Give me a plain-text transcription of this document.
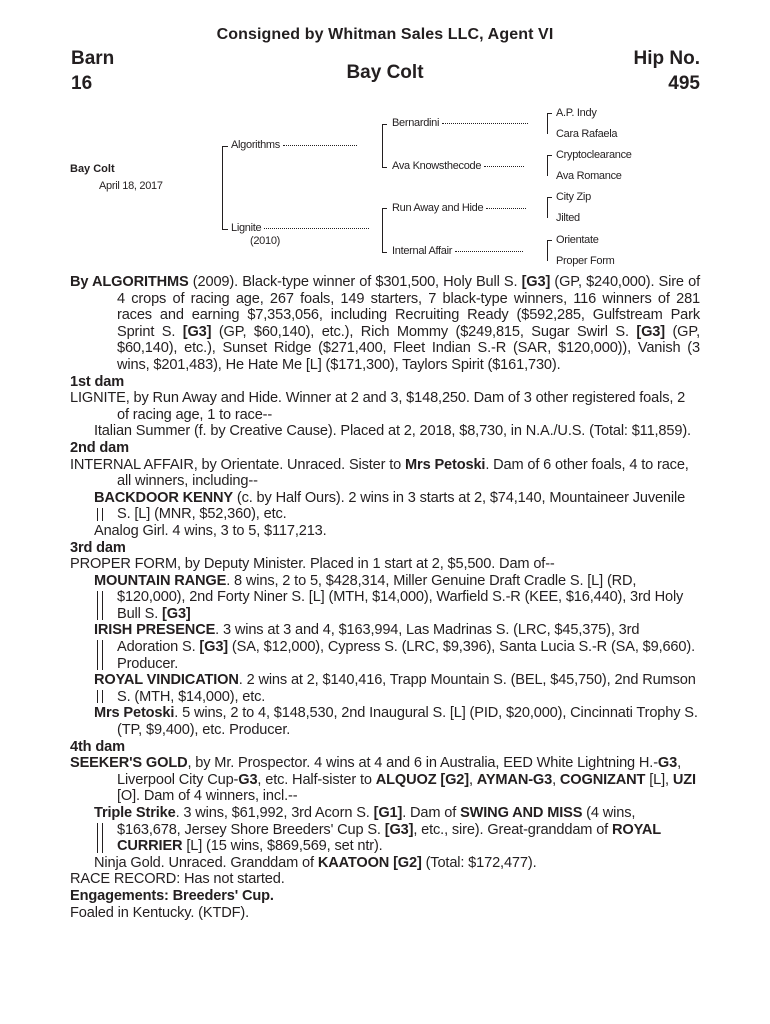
Consigned by Whitman Sales LLC, Agent VI
Barn
16
Bay Colt
Hip No.
495
Bay Colt
April 18, 2017
Algorithms
Lignite
(2010)
Bernardini
Ava Knowsthecode
Run Away and Hide
Internal Affair
A.P. Indy
Cara Rafaela
Cryptoclearance
Ava Romance
City Zip
Jilted
Orientate
Proper Form

By ALGORITHMS (2009). Black-type winner of $301,500, Holy Bull S. [G3] (GP, $240,000). Sire of 4 crops of racing age, 267 foals, 149 starters, 7 black-type winners, 116 winners of 281 races and earning $7,353,056, including Recruiting Ready ($592,285, Gulfstream Park Sprint S. [G3] (GP, $60,140), etc.), Rich Mommy ($249,815, Sugar Swirl S. [G3] (GP, $60,140), etc.), Sunset Ridge ($271,400, Fleet Indian S.-R (SAR, $120,000)), Vanish (3 wins, $201,483), He Hate Me [L] ($171,300), Taylors Spirit ($161,730).

1st dam

LIGNITE, by Run Away and Hide. Winner at 2 and 3, $148,250. Dam of 3 other registered foals, 2 of racing age, 1 to race--

Italian Summer (f. by Creative Cause). Placed at 2, 2018, $8,730, in N.A./U.S. (Total: $11,859).

2nd dam

INTERNAL AFFAIR, by Orientate. Unraced. Sister to Mrs Petoski. Dam of 6 other foals, 4 to race, all winners, including--

BACKDOOR KENNY (c. by Half Ours). 2 wins in 3 starts at 2, $74,140, Mountaineer Juvenile S. [L] (MNR, $52,360), etc.

Analog Girl. 4 wins, 3 to 5, $117,213.

3rd dam

PROPER FORM, by Deputy Minister. Placed in 1 start at 2, $5,500. Dam of--

MOUNTAIN RANGE. 8 wins, 2 to 5, $428,314, Miller Genuine Draft Cradle S. [L] (RD, $120,000), 2nd Forty Niner S. [L] (MTH, $14,000), Warfield S.-R (KEE, $16,440), 3rd Holy Bull S. [G3]

IRISH PRESENCE. 3 wins at 3 and 4, $163,994, Las Madrinas S. (LRC, $45,375), 3rd Adoration S. [G3] (SA, $12,000), Cypress S. (LRC, $9,396), Santa Lucia S.-R (SA, $9,660). Producer.

ROYAL VINDICATION. 2 wins at 2, $140,416, Trapp Mountain S. (BEL, $45,750), 2nd Rumson S. (MTH, $14,000), etc.

Mrs Petoski. 5 wins, 2 to 4, $148,530, 2nd Inaugural S. [L] (PID, $20,000), Cincinnati Trophy S. (TP, $9,400), etc. Producer.

4th dam

SEEKER'S GOLD, by Mr. Prospector. 4 wins at 4 and 6 in Australia, EED White Lightning H.-G3, Liverpool City Cup-G3, etc. Half-sister to ALQUOZ [G2], AYMAN-G3, COGNIZANT [L], UZI [O]. Dam of 4 winners, incl.--

Triple Strike. 3 wins, $61,992, 3rd Acorn S. [G1]. Dam of SWING AND MISS (4 wins, $163,678, Jersey Shore Breeders' Cup S. [G3], etc., sire). Great-granddam of ROYAL CURRIER [L] (15 wins, $869,569, set ntr).

Ninja Gold. Unraced. Granddam of KAATOON [G2] (Total: $172,477).

RACE RECORD: Has not started.

Engagements: Breeders' Cup.

Foaled in Kentucky. (KTDF).
